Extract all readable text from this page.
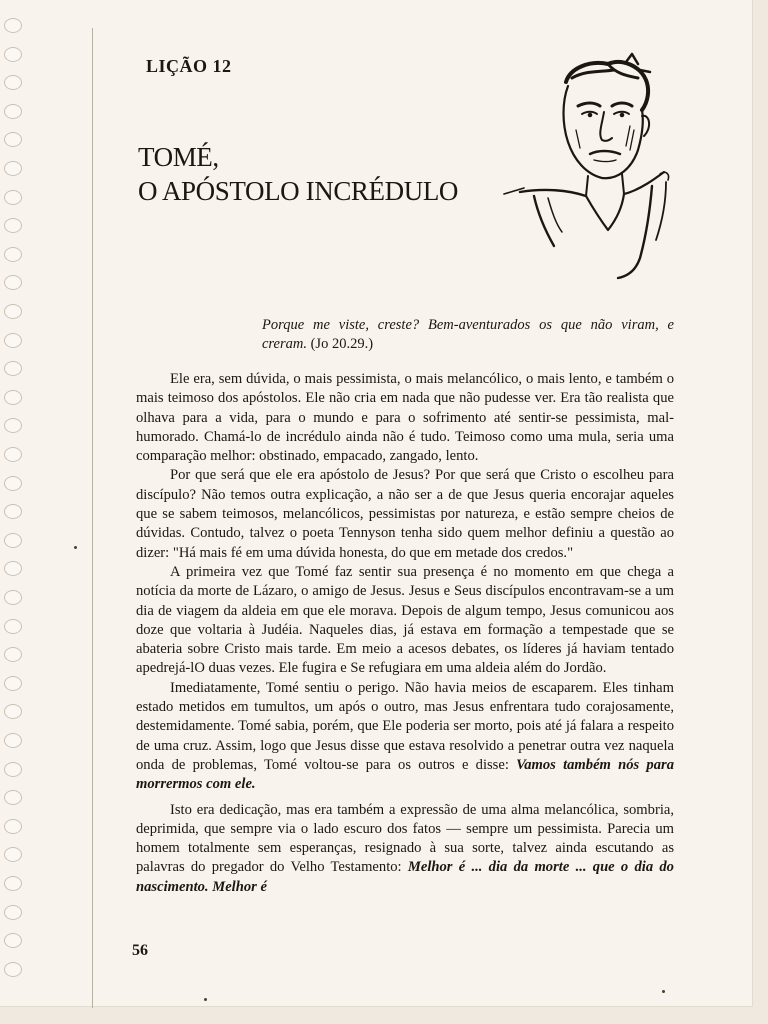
LIÇÃO 12
TOMÉ,
O APÓSTOLO INCRÉDULO
Porque me viste, creste? Bem-aventurados os que não viram, e creram. (Jo 20.29.)

Ele era, sem dúvida, o mais pessimista, o mais melancólico, o mais lento, e também o mais teimoso dos apóstolos. Ele não cria em nada que não pudesse ver. Era tão realista que olhava para a vida, para o mundo e para o sofrimento até sentir-se pessimista, mal-humorado. Chamá-lo de incrédulo ainda não é tudo. Teimoso como uma mula, seria uma comparação melhor: obstinado, empacado, zangado, lento.

Por que será que ele era apóstolo de Jesus? Por que será que Cristo o escolheu para discípulo? Não temos outra explicação, a não ser a de que Jesus queria encorajar aqueles que se sabem teimosos, melancólicos, pessimistas por natureza, e estão sempre cheios de dúvidas. Contudo, talvez o poeta Tennyson tenha sido quem melhor definiu a questão ao dizer: "Há mais fé em uma dúvida honesta, do que em metade dos credos."

A primeira vez que Tomé faz sentir sua presença é no momento em que chega a notícia da morte de Lázaro, o amigo de Jesus. Jesus e Seus discípulos encontravam-se a um dia de viagem da aldeia em que ele morava. Depois de algum tempo, Jesus comunicou aos doze que voltaria à Judéia. Naqueles dias, já estava em formação a tempestade que se abateria sobre Cristo mais tarde. Em meio a acesos debates, os líderes já haviam tentado apedrejá-lO duas vezes. Ele fugira e Se refugiara em uma aldeia além do Jordão.

Imediatamente, Tomé sentiu o perigo. Não havia meios de escaparem. Eles tinham estado metidos em tumultos, um após o outro, mas Jesus enfrentara tudo corajosamente, destemidamente. Tomé sabia, porém, que Ele poderia ser morto, pois até já falara a respeito de uma cruz. Assim, logo que Jesus disse que estava resolvido a penetrar outra vez naquela onda de problemas, Tomé voltou-se para os outros e disse: Vamos também nós para morrermos com ele.

Isto era dedicação, mas era também a expressão de uma alma melancólica, sombria, deprimida, que sempre via o lado escuro dos fatos — sempre um pessimista. Parecia um homem totalmente sem esperanças, resignado à sua sorte, talvez ainda escutando as palavras do pregador do Velho Testamento: Melhor é ... dia da morte ... que o dia do nascimento. Melhor é

56
